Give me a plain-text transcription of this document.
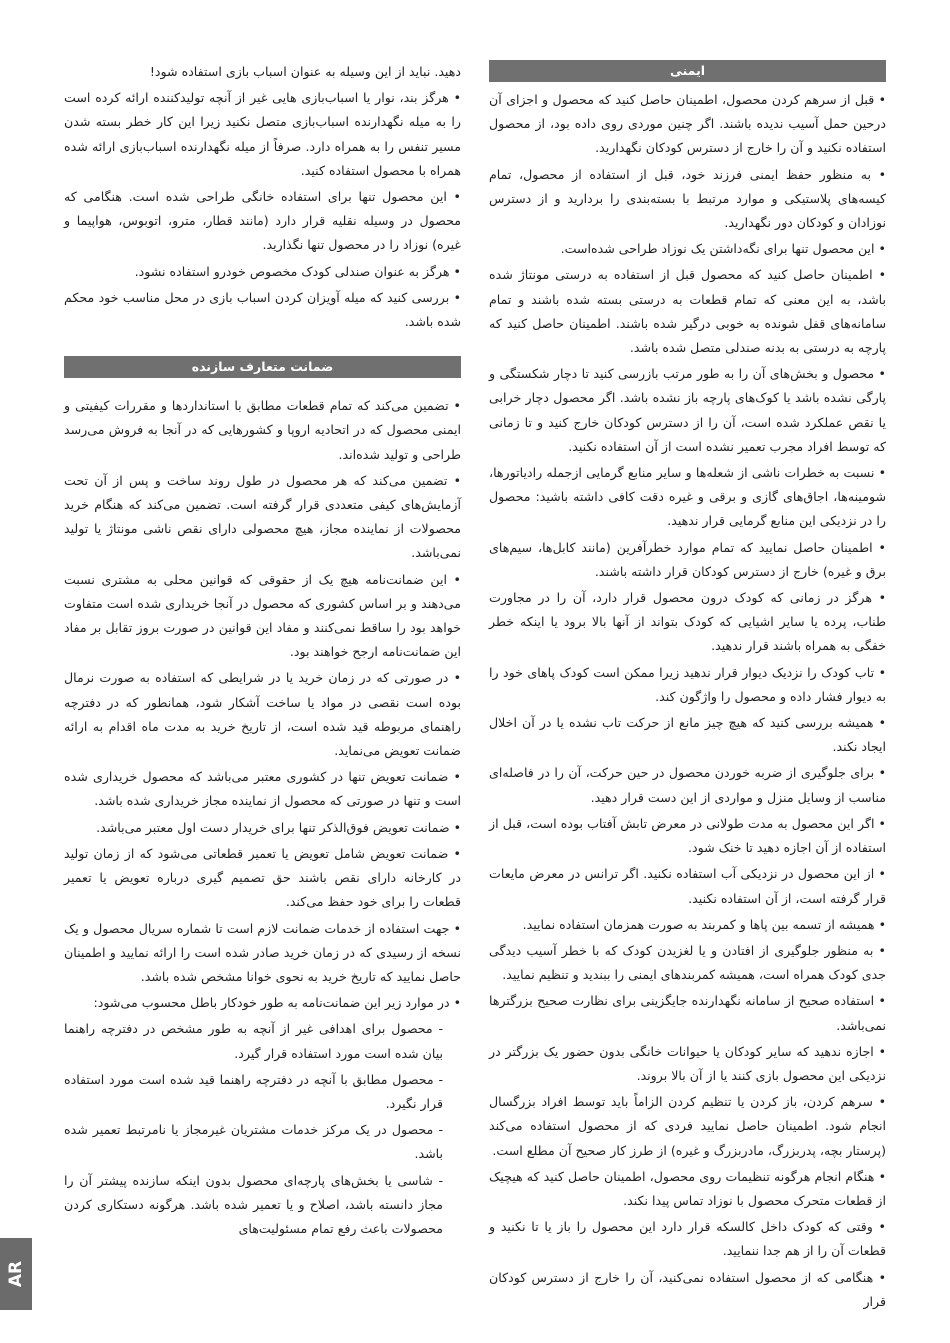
ایمنی

• قبل از سرهم کردن محصول، اطمینان حاصل کنید که محصول و اجزای آن درحین حمل آسیب ندیده باشند. اگر چنین موردی روی داده بود، از محصول استفاده نکنید و آن را خارج از دسترس کودکان نگهدارید.

• به منظور حفظ ایمنی فرزند خود، قبل از استفاده از محصول، تمام کیسه‌های پلاستیکی و موارد مرتبط با بسته‌بندی را بردارید و از دسترس نوزادان و کودکان دور نگهدارید.

• این محصول تنها برای نگه‌داشتن یک نوزاد طراحی شده‌است.

• اطمینان حاصل کنید که محصول قبل از استفاده به درستی مونتاژ شده باشد، به این معنی که تمام قطعات به درستی بسته شده باشند و تمام سامانه‌های قفل شونده به خوبی درگیر شده باشند. اطمینان حاصل کنید که پارچه به درستی به بدنه صندلی متصل شده باشد.

• محصول و بخش‌های آن را به طور مرتب بازرسی کنید تا دچار شکستگی و پارگی نشده باشد یا کوک‌های پارچه باز نشده باشد. اگر محصول دچار خرابی یا نقص عملکرد شده است، آن را از دسترس کودکان خارج کنید و تا زمانی که توسط افراد مجرب تعمیر نشده است از آن استفاده نکنید.

• نسبت به خطرات ناشی از شعله‌ها و سایر منابع گرمایی ازجمله رادیاتورها، شومینه‌ها، اجاق‌های گازی و برقی و غیره دقت کافی داشته باشید: محصول را در نزدیکی این منابع گرمایی قرار ندهید.

• اطمینان حاصل نمایید که تمام موارد خطرآفرین (مانند کابل‌ها، سیم‌های برق و غیره) خارج از دسترس کودکان قرار داشته باشند.

• هرگز در زمانی که کودک درون محصول قرار دارد، آن را در مجاورت طناب، پرده یا سایر اشیایی که کودک بتواند از آنها بالا برود یا اینکه خطر خفگی به همراه باشند قرار ندهید.

• تاب کودک را نزدیک دیوار قرار ندهید زیرا ممکن است کودک پاهای خود را به دیوار فشار داده و محصول را واژگون کند.

• همیشه بررسی کنید که هیچ چیز مانع از حرکت تاب نشده یا در آن اخلال ایجاد نکند.

• برای جلوگیری از ضربه خوردن محصول در حین حرکت، آن را در فاصله‌ای مناسب از وسایل منزل و مواردی از این دست قرار دهید.

• اگر این محصول به مدت طولانی در معرض تابش آفتاب بوده است، قبل از استفاده از آن اجازه دهید تا خنک شود.

• از این محصول در نزدیکی آب استفاده نکنید. اگر ترانس در معرض مایعات قرار گرفته است، از آن استفاده نکنید.

• همیشه از تسمه بین پاها و کمربند به صورت همزمان استفاده نمایید.

• به منظور جلوگیری از افتادن و یا لغزیدن کودک که با خطر آسیب دیدگی جدی کودک همراه است، همیشه کمربندهای ایمنی را ببندید و تنظیم نمایید.

• استفاده صحیح از سامانه نگهدارنده جایگزینی برای نظارت صحیح بزرگترها نمی‌باشد.

• اجازه ندهید که سایر کودکان یا حیوانات خانگی بدون حضور یک بزرگتر در نزدیکی این محصول بازی کنند یا از آن بالا بروند.

• سرهم کردن، باز کردن یا تنظیم کردن الزاماً باید توسط افراد بزرگسال انجام شود. اطمینان حاصل نمایید فردی که از محصول استفاده می‌کند (پرستار بچه، پدربزرگ، مادربزرگ و غیره) از طرز کار صحیح آن مطلع است.

• هنگام انجام هرگونه تنظیمات روی محصول، اطمینان حاصل کنید که هیچیک از قطعات متحرک محصول با نوزاد تماس پیدا نکند.

• وقتی که کودک داخل کالسکه قرار دارد این محصول را باز یا تا نکنید و قطعات آن را از هم جدا ننمایید.

• هنگامی که از محصول استفاده نمی‌کنید، آن را خارج از دسترس کودکان قرار

دهید. نباید از این وسیله به عنوان اسباب بازی استفاده شود!

• هرگز بند، نوار یا اسباب‌بازی هایی غیر از آنچه تولیدکننده ارائه کرده است را به میله نگهدارنده اسباب‌بازی متصل نکنید زیرا این کار خطر بسته شدن مسیر تنفس را به همراه دارد. صرفاً از میله نگهدارنده اسباب‌بازی ارائه شده همراه با محصول استفاده کنید.

• این محصول تنها برای استفاده خانگی طراحی شده است. هنگامی که محصول در وسیله نقلیه قرار دارد (مانند قطار، مترو، اتوبوس، هواپیما و غیره) نوزاد را در محصول تنها نگذارید.

• هرگز به عنوان صندلی کودک مخصوص خودرو استفاده نشود.

• بررسی کنید که میله آویزان کردن اسباب بازی در محل مناسب خود محکم شده باشد.

ضمانت متعارف سازنده

• تضمین می‌کند که تمام قطعات مطابق با استانداردها و مقررات کیفیتی و ایمنی محصول که در اتحادیه اروپا و کشورهایی که در آنجا به فروش می‌رسد طراحی و تولید شده‌اند.

• تضمین می‌کند که هر محصول در طول روند ساخت و پس از آن تحت آزمایش‌های کیفی متعددی قرار گرفته است. تضمین می‌کند که هنگام خرید محصولات از نماینده مجاز، هیچ محصولی دارای نقص ناشی مونتاژ یا تولید نمی‌باشد.

• این ضمانت‌نامه هیچ یک از حقوقی که قوانین محلی به مشتری نسبت می‌دهند و بر اساس کشوری که محصول در آنجا خریداری شده است متفاوت خواهد بود را ساقط نمی‌کنند و مفاد این قوانین در صورت بروز تقابل بر مفاد این ضمانت‌نامه ارجح خواهند بود.

• در صورتی که در زمان خرید یا در شرایطی که استفاده به صورت نرمال بوده است نقصی در مواد یا ساخت آشکار شود، همانطور که در دفترچه راهنمای مربوطه قید شده است، از تاریخ خرید به مدت ماه اقدام به ارائه ضمانت تعویض می‌نماید.

• ضمانت تعویض تنها در کشوری معتبر می‌باشد که محصول خریداری شده است و تنها در صورتی که محصول از نماینده مجاز خریداری شده باشد.

• ضمانت تعویض فوق‌الذکر تنها برای خریدار دست اول معتبر می‌باشد.

• ضمانت تعویض شامل تعویض یا تعمیر قطعاتی می‌شود که از زمان تولید در کارخانه دارای نقص باشند حق تصمیم گیری درباره تعویض یا تعمیر قطعات را برای خود حفظ می‌کند.

• جهت استفاده از خدمات ضمانت لازم است تا شماره سریال محصول و یک نسخه از رسیدی که در زمان خرید صادر شده است را ارائه نمایید و اطمینان حاصل نمایید که تاریخ خرید به نحوی خوانا مشخص شده باشد.

• در موارد زیر این ضمانت‌نامه به طور خودکار باطل محسوب می‌شود:

- محصول برای اهدافی غیر از آنچه به طور مشخص در دفترچه راهنما بیان شده است مورد استفاده قرار گیرد.

- محصول مطابق با آنچه در دفترچه راهنما قید شده است مورد استفاده قرار نگیرد.

- محصول در یک مرکز خدمات مشتریان غیرمجاز یا نامرتبط تعمیر شده باشد.

- شاسی یا بخش‌های پارچه‌ای محصول بدون اینکه سازنده پیشتر آن را مجاز دانسته باشد، اصلاح و یا تعمیر شده باشد. هرگونه دستکاری کردن محصولات باعث رفع تمام مسئولیت‌های

AR
